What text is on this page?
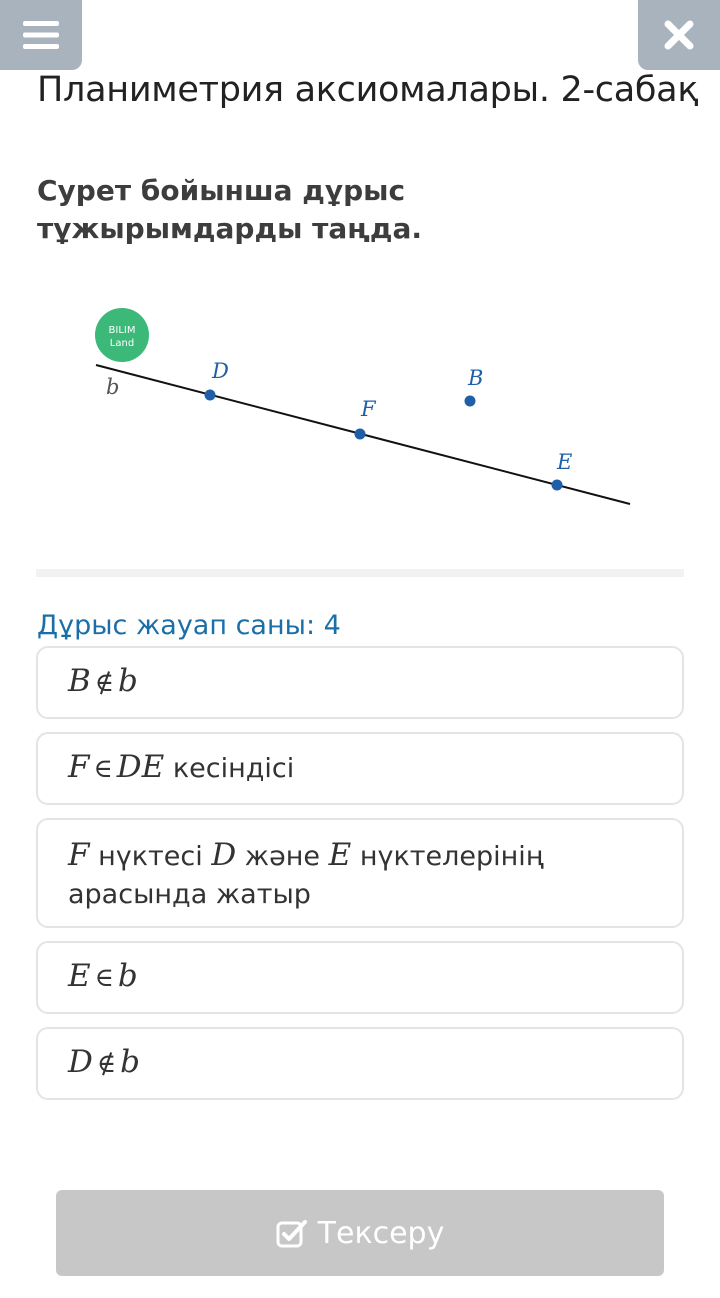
Планиметрия аксиомалары. 2-сабақ
Сурет бойынша дұрыс тұжырымдарды таңда.
BILIM
Land
b
D
F
B
E
Дұрыс жауап саны: 4
B ∉ b
F ∈ DE кесіндісі
F нүктесі D және E нүктелерінің
арасында жатыр
E ∈ b
D ∉ b
Тексеру
